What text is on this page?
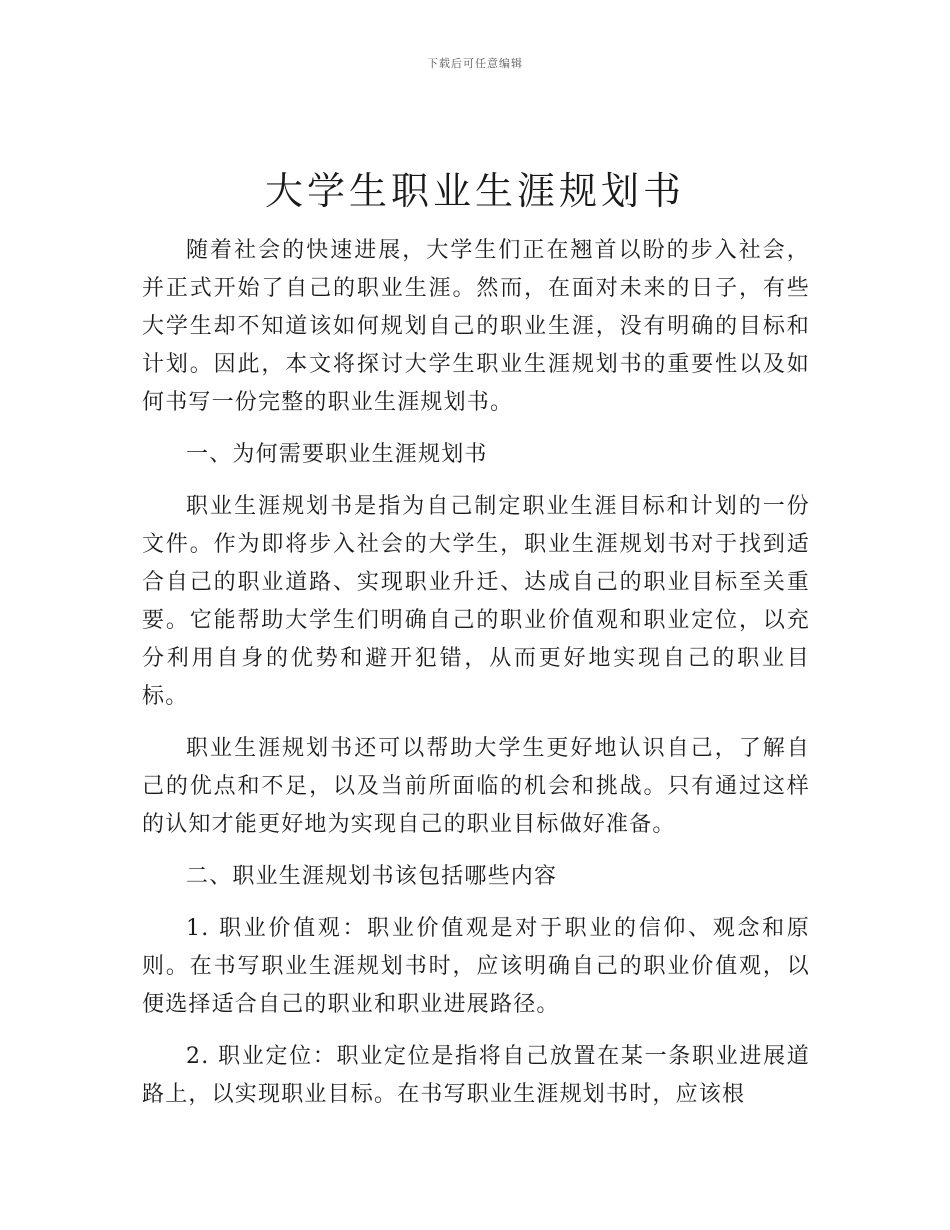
下载后可任意编辑
大学生职业生涯规划书

随着社会的快速进展，大学生们正在翘首以盼的步入社会，并正式开始了自己的职业生涯。然而，在面对未来的日子，有些大学生却不知道该如何规划自己的职业生涯，没有明确的目标和计划。因此，本文将探讨大学生职业生涯规划书的重要性以及如何书写一份完整的职业生涯规划书。

一、为何需要职业生涯规划书

职业生涯规划书是指为自己制定职业生涯目标和计划的一份文件。作为即将步入社会的大学生，职业生涯规划书对于找到适合自己的职业道路、实现职业升迁、达成自己的职业目标至关重要。它能帮助大学生们明确自己的职业价值观和职业定位，以充分利用自身的优势和避开犯错，从而更好地实现自己的职业目标。

职业生涯规划书还可以帮助大学生更好地认识自己，了解自己的优点和不足，以及当前所面临的机会和挑战。只有通过这样的认知才能更好地为实现自己的职业目标做好准备。

二、职业生涯规划书该包括哪些内容

1. 职业价值观：职业价值观是对于职业的信仰、观念和原则。在书写职业生涯规划书时，应该明确自己的职业价值观，以便选择适合自己的职业和职业进展路径。

2. 职业定位：职业定位是指将自己放置在某一条职业进展道路上，以实现职业目标。在书写职业生涯规划书时，应该根
